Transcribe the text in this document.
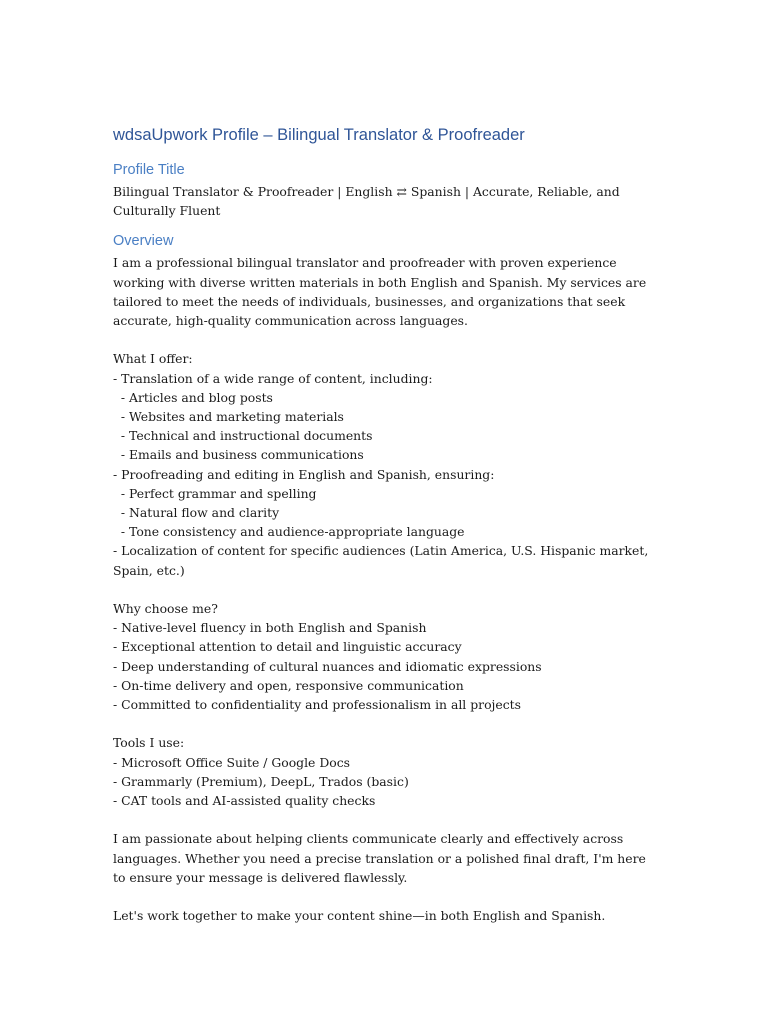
wdsaUpwork Profile – Bilingual Translator & Proofreader
Profile Title

Bilingual Translator & Proofreader | English ⇄ Spanish | Accurate, Reliable, and Culturally Fluent

Overview

I am a professional bilingual translator and proofreader with proven experience working with diverse written materials in both English and Spanish. My services are tailored to meet the needs of individuals, businesses, and organizations that seek accurate, high-quality communication across languages.

What I offer:
- Translation of a wide range of content, including:
- Articles and blog posts
- Websites and marketing materials
- Technical and instructional documents
- Emails and business communications
- Proofreading and editing in English and Spanish, ensuring:
- Perfect grammar and spelling
- Natural flow and clarity
- Tone consistency and audience-appropriate language
- Localization of content for specific audiences (Latin America, U.S. Hispanic market, Spain, etc.)
Why choose me?
- Native-level fluency in both English and Spanish
- Exceptional attention to detail and linguistic accuracy
- Deep understanding of cultural nuances and idiomatic expressions
- On-time delivery and open, responsive communication
- Committed to confidentiality and professionalism in all projects
Tools I use:
- Microsoft Office Suite / Google Docs
- Grammarly (Premium), DeepL, Trados (basic)
- CAT tools and AI-assisted quality checks

I am passionate about helping clients communicate clearly and effectively across languages. Whether you need a precise translation or a polished final draft, I'm here to ensure your message is delivered flawlessly.

Let's work together to make your content shine—in both English and Spanish.
